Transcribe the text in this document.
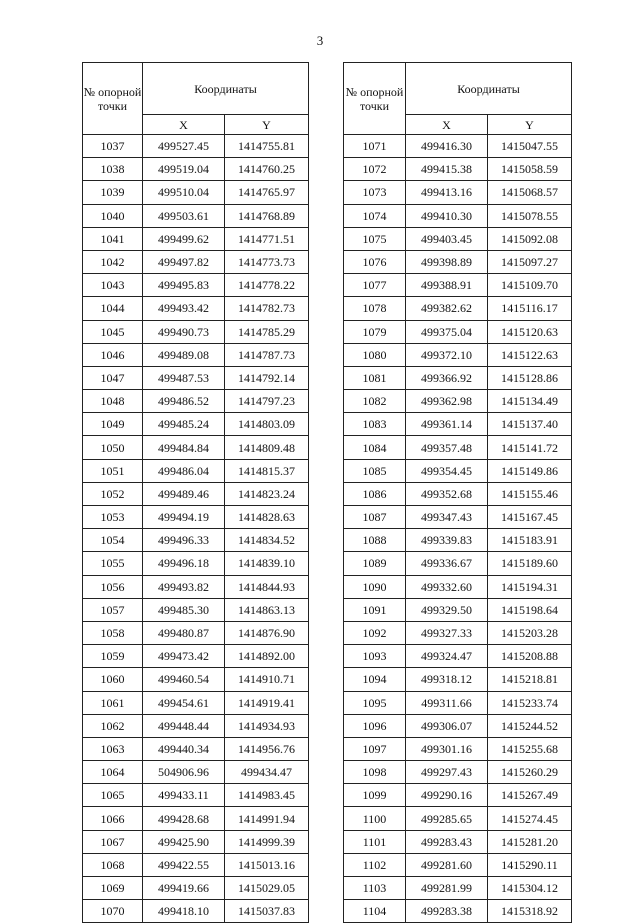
3
№ опорной точки	Координаты	
	X	Y
1037	499527.45	1414755.81
1038	499519.04	1414760.25
1039	499510.04	1414765.97
1040	499503.61	1414768.89
1041	499499.62	1414771.51
1042	499497.82	1414773.73
1043	499495.83	1414778.22
1044	499493.42	1414782.73
1045	499490.73	1414785.29
1046	499489.08	1414787.73
1047	499487.53	1414792.14
1048	499486.52	1414797.23
1049	499485.24	1414803.09
1050	499484.84	1414809.48
1051	499486.04	1414815.37
1052	499489.46	1414823.24
1053	499494.19	1414828.63
1054	499496.33	1414834.52
1055	499496.18	1414839.10
1056	499493.82	1414844.93
1057	499485.30	1414863.13
1058	499480.87	1414876.90
1059	499473.42	1414892.00
1060	499460.54	1414910.71
1061	499454.61	1414919.41
1062	499448.44	1414934.93
1063	499440.34	1414956.76
1064	504906.96	499434.47
1065	499433.11	1414983.45
1066	499428.68	1414991.94
1067	499425.90	1414999.39
1068	499422.55	1415013.16
1069	499419.66	1415029.05
1070	499418.10	1415037.83
№ опорной точки	Координаты	
	X	Y
1071	499416.30	1415047.55
1072	499415.38	1415058.59
1073	499413.16	1415068.57
1074	499410.30	1415078.55
1075	499403.45	1415092.08
1076	499398.89	1415097.27
1077	499388.91	1415109.70
1078	499382.62	1415116.17
1079	499375.04	1415120.63
1080	499372.10	1415122.63
1081	499366.92	1415128.86
1082	499362.98	1415134.49
1083	499361.14	1415137.40
1084	499357.48	1415141.72
1085	499354.45	1415149.86
1086	499352.68	1415155.46
1087	499347.43	1415167.45
1088	499339.83	1415183.91
1089	499336.67	1415189.60
1090	499332.60	1415194.31
1091	499329.50	1415198.64
1092	499327.33	1415203.28
1093	499324.47	1415208.88
1094	499318.12	1415218.81
1095	499311.66	1415233.74
1096	499306.07	1415244.52
1097	499301.16	1415255.68
1098	499297.43	1415260.29
1099	499290.16	1415267.49
1100	499285.65	1415274.45
1101	499283.43	1415281.20
1102	499281.60	1415290.11
1103	499281.99	1415304.12
1104	499283.38	1415318.92
